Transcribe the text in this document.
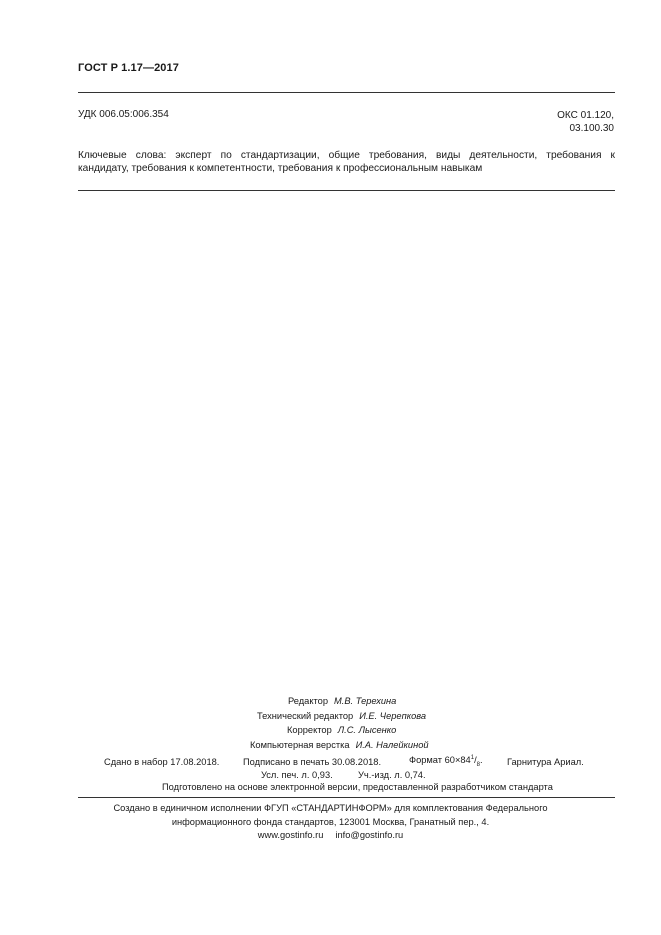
ГОСТ Р 1.17—2017
УДК 006.05:006.354	ОКС 01.120,
03.100.30
Ключевые слова: эксперт по стандартизации, общие требования, виды деятельности, требования к
кандидату, требования к компетентности, требования к профессиональным навыкам
Редактор М.В. Терехина
Технический редактор И.Е. Черепкова
Корректор Л.С. Лысенко
Компьютерная верстка И.А. Налейкиной
Сдано в набор 17.08.2018.	Подписано в печать 30.08.2018.	Формат $60\times 84^1/_8$.	Гарнитура Ариал.
Усл. печ. л. 0,93.	Уч.-изд. л. 0,74.
Подготовлено на основе электронной версии, предоставленной разработчиком стандарта
Создано в единичном исполнении ФГУП «СТАНДАРТИНФОРМ» для комплектования Федерального
информационного фонда стандартов, 123001 Москва, Гранатный пер., 4.
www.gostinfo.ru info@gostinfo.ru
